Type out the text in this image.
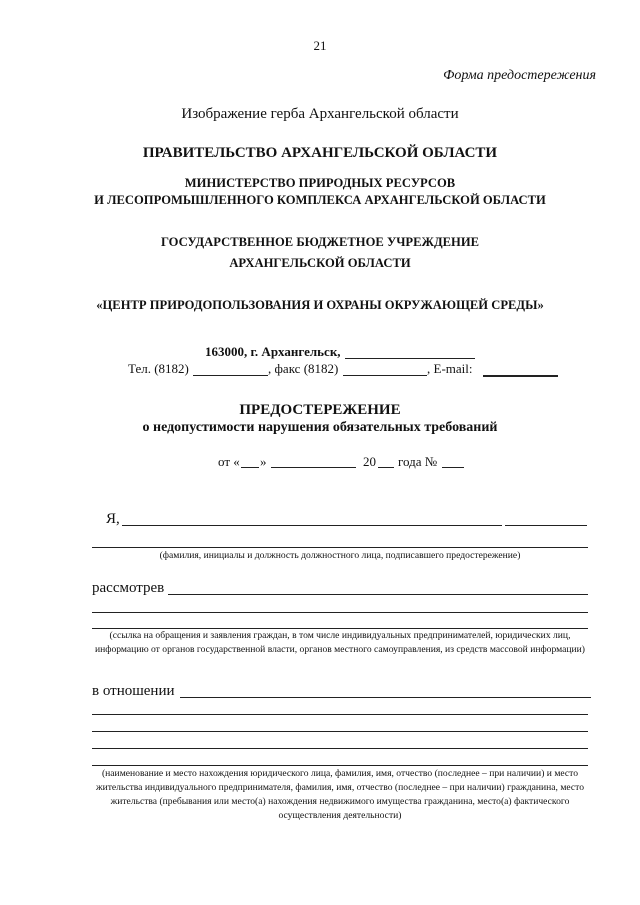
21
Форма предостережения
Изображение герба Архангельской области
ПРАВИТЕЛЬСТВО АРХАНГЕЛЬСКОЙ ОБЛАСТИ
МИНИСТЕРСТВО ПРИРОДНЫХ РЕСУРСОВ
И ЛЕСОПРОМЫШЛЕННОГО КОМПЛЕКСА АРХАНГЕЛЬСКОЙ ОБЛАСТИ
ГОСУДАРСТВЕННОЕ БЮДЖЕТНОЕ УЧРЕЖДЕНИЕ
АРХАНГЕЛЬСКОЙ ОБЛАСТИ
«ЦЕНТР ПРИРОДОПОЛЬЗОВАНИЯ И ОХРАНЫ ОКРУЖАЮЩЕЙ СРЕДЫ»
163000, г. Архангельск,
Тел. (8182)	, факс (8182)	, E-mail:
ПРЕДОСТЕРЕЖЕНИЕ
о недопустимости нарушения обязательных требований
от « »	20 года №
Я,
(фамилия, инициалы и должность должностного лица, подписавшего предостережение)
рассмотрев
(ссылка на обращения и заявления граждан, в том числе индивидуальных предпринимателей, юридических лиц, информацию от органов государственной власти, органов местного самоуправления, из средств массовой информации)
в отношении
(наименование и место нахождения юридического лица, фамилия, имя, отчество (последнее – при наличии) и место жительства индивидуального предпринимателя, фамилия, имя, отчество (последнее – при наличии) гражданина, место жительства (пребывания или место(а) нахождения недвижимого имущества гражданина, место(а) фактического осуществления деятельности)
